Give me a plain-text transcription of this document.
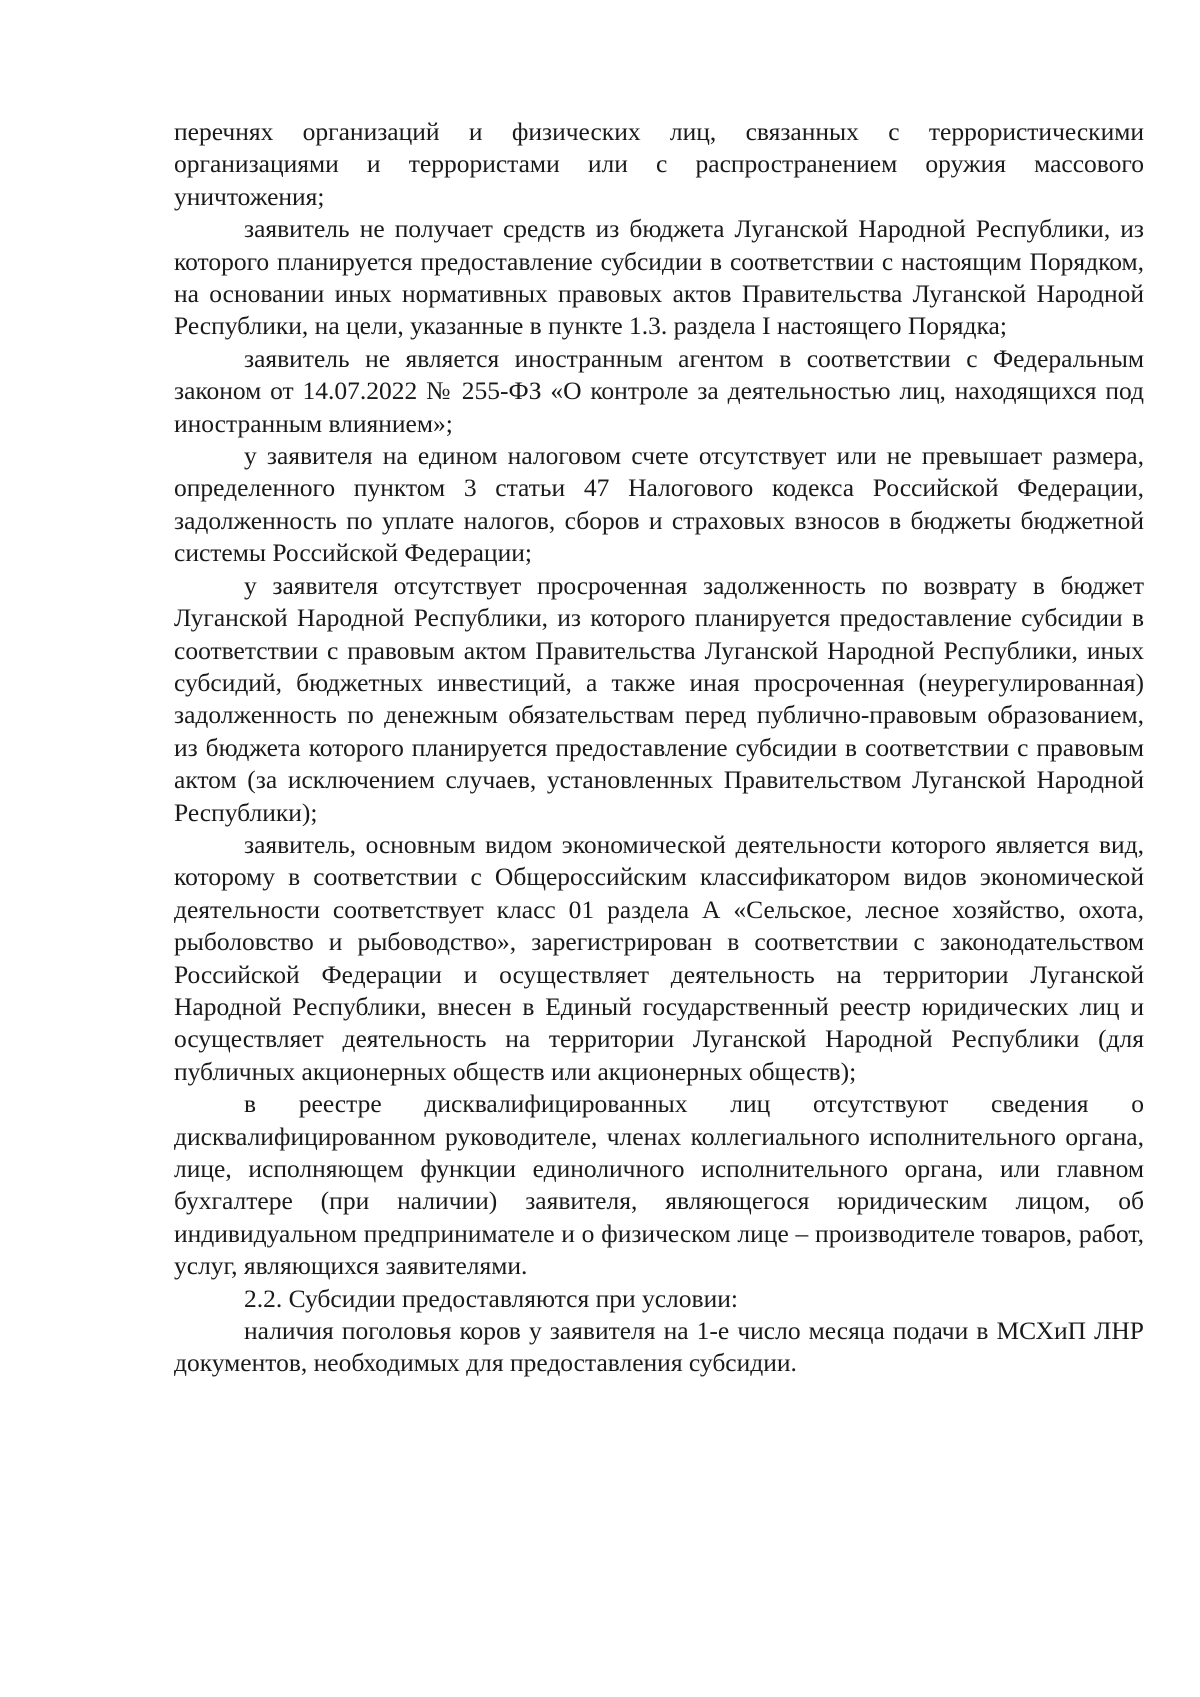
перечнях организаций и физических лиц, связанных с террористическими организациями и террористами или с распространением оружия массового уничтожения;

заявитель не получает средств из бюджета Луганской Народной Республики, из которого планируется предоставление субсидии в соответствии с настоящим Порядком, на основании иных нормативных правовых актов Правительства Луганской Народной Республики, на цели, указанные в пункте 1.3. раздела I настоящего Порядка;

заявитель не является иностранным агентом в соответствии с Федеральным законом от 14.07.2022 № 255-ФЗ «О контроле за деятельностью лиц, находящихся под иностранным влиянием»;

у заявителя на едином налоговом счете отсутствует или не превышает размера, определенного пунктом 3 статьи 47 Налогового кодекса Российской Федерации, задолженность по уплате налогов, сборов и страховых взносов в бюджеты бюджетной системы Российской Федерации;

у заявителя отсутствует просроченная задолженность по возврату в бюджет Луганской Народной Республики, из которого планируется предоставление субсидии в соответствии с правовым актом Правительства Луганской Народной Республики, иных субсидий, бюджетных инвестиций, а также иная просроченная (неурегулированная) задолженность по денежным обязательствам перед публично-правовым образованием, из бюджета которого планируется предоставление субсидии в соответствии с правовым актом (за исключением случаев, установленных Правительством Луганской Народной Республики);

заявитель, основным видом экономической деятельности которого является вид, которому в соответствии с Общероссийским классификатором видов экономической деятельности соответствует класс 01 раздела А «Сельское, лесное хозяйство, охота, рыболовство и рыбоводство», зарегистрирован в соответствии с законодательством Российской Федерации и осуществляет деятельность на территории Луганской Народной Республики, внесен в Единый государственный реестр юридических лиц и осуществляет деятельность на территории Луганской Народной Республики (для публичных акционерных обществ или акционерных обществ);

в реестре дисквалифицированных лиц отсутствуют сведения о дисквалифицированном руководителе, членах коллегиального исполнительного органа, лице, исполняющем функции единоличного исполнительного органа, или главном бухгалтере (при наличии) заявителя, являющегося юридическим лицом, об индивидуальном предпринимателе и о физическом лице – производителе товаров, работ, услуг, являющихся заявителями.

2.2. Субсидии предоставляются при условии:

наличия поголовья коров у заявителя на 1-е число месяца подачи в МСХиП ЛНР документов, необходимых для предоставления субсидии.
